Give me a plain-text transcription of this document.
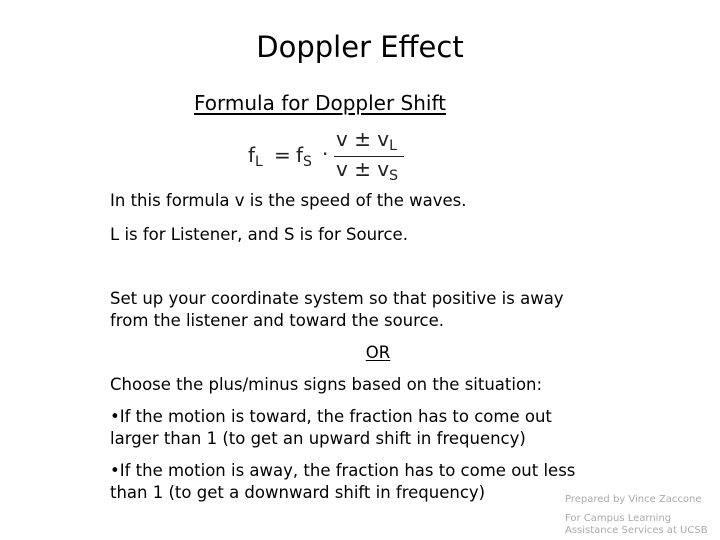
Doppler Effect
Formula for Doppler Shift
$f_L = f_S$ ·
$v \pm v_L$
$v \pm v_S$
In this formula v is the speed of the waves.
L is for Listener, and S is for Source.
Set up your coordinate system so that positive is away
from the listener and toward the source.
OR
Choose the plus/minus signs based on the situation:
•If the motion is toward, the fraction has to come out
larger than 1 (to get an upward shift in frequency)
•If the motion is away, the fraction has to come out less
than 1 (to get a downward shift in frequency)	Prepared by Vince Zaccone
For Campus Learning
Assistance Services at UCSB
